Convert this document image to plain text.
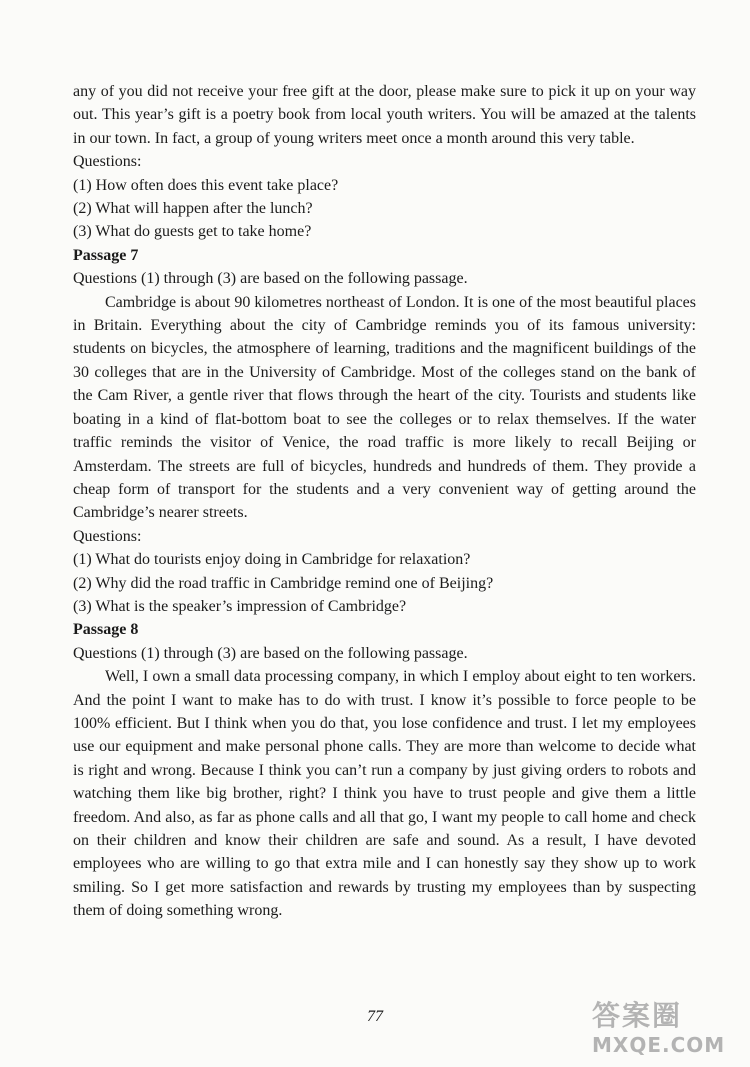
any of you did not receive your free gift at the door, please make sure to pick it up on your way out. This year’s gift is a poetry book from local youth writers. You will be amazed at the talents in our town. In fact, a group of young writers meet once a month around this very table.

Questions:

(1) How often does this event take place?

(2) What will happen after the lunch?

(3) What do guests get to take home?

Passage 7

Questions (1) through (3) are based on the following passage.

Cambridge is about 90 kilometres northeast of London. It is one of the most beautiful places in Britain. Everything about the city of Cambridge reminds you of its famous university: students on bicycles, the atmosphere of learning, traditions and the magnificent buildings of the 30 colleges that are in the University of Cambridge. Most of the colleges stand on the bank of the Cam River, a gentle river that flows through the heart of the city. Tourists and students like boating in a kind of flat-bottom boat to see the colleges or to relax themselves. If the water traffic reminds the visitor of Venice, the road traffic is more likely to recall Beijing or Amsterdam. The streets are full of bicycles, hundreds and hundreds of them. They provide a cheap form of transport for the students and a very convenient way of getting around the Cambridge’s nearer streets.

Questions:

(1) What do tourists enjoy doing in Cambridge for relaxation?

(2) Why did the road traffic in Cambridge remind one of Beijing?

(3) What is the speaker’s impression of Cambridge?

Passage 8

Questions (1) through (3) are based on the following passage.

Well, I own a small data processing company, in which I employ about eight to ten workers. And the point I want to make has to do with trust. I know it’s possible to force people to be 100% efficient. But I think when you do that, you lose confidence and trust. I let my employees use our equipment and make personal phone calls. They are more than welcome to decide what is right and wrong. Because I think you can’t run a company by just giving orders to robots and watching them like big brother, right? I think you have to trust people and give them a little freedom. And also, as far as phone calls and all that go, I want my people to call home and check on their children and know their children are safe and sound. As a result, I have devoted employees who are willing to go that extra mile and I can honestly say they show up to work smiling. So I get more satisfaction and rewards by trusting my employees than by suspecting them of doing something wrong.

77	答案圈
MXQE.COM
